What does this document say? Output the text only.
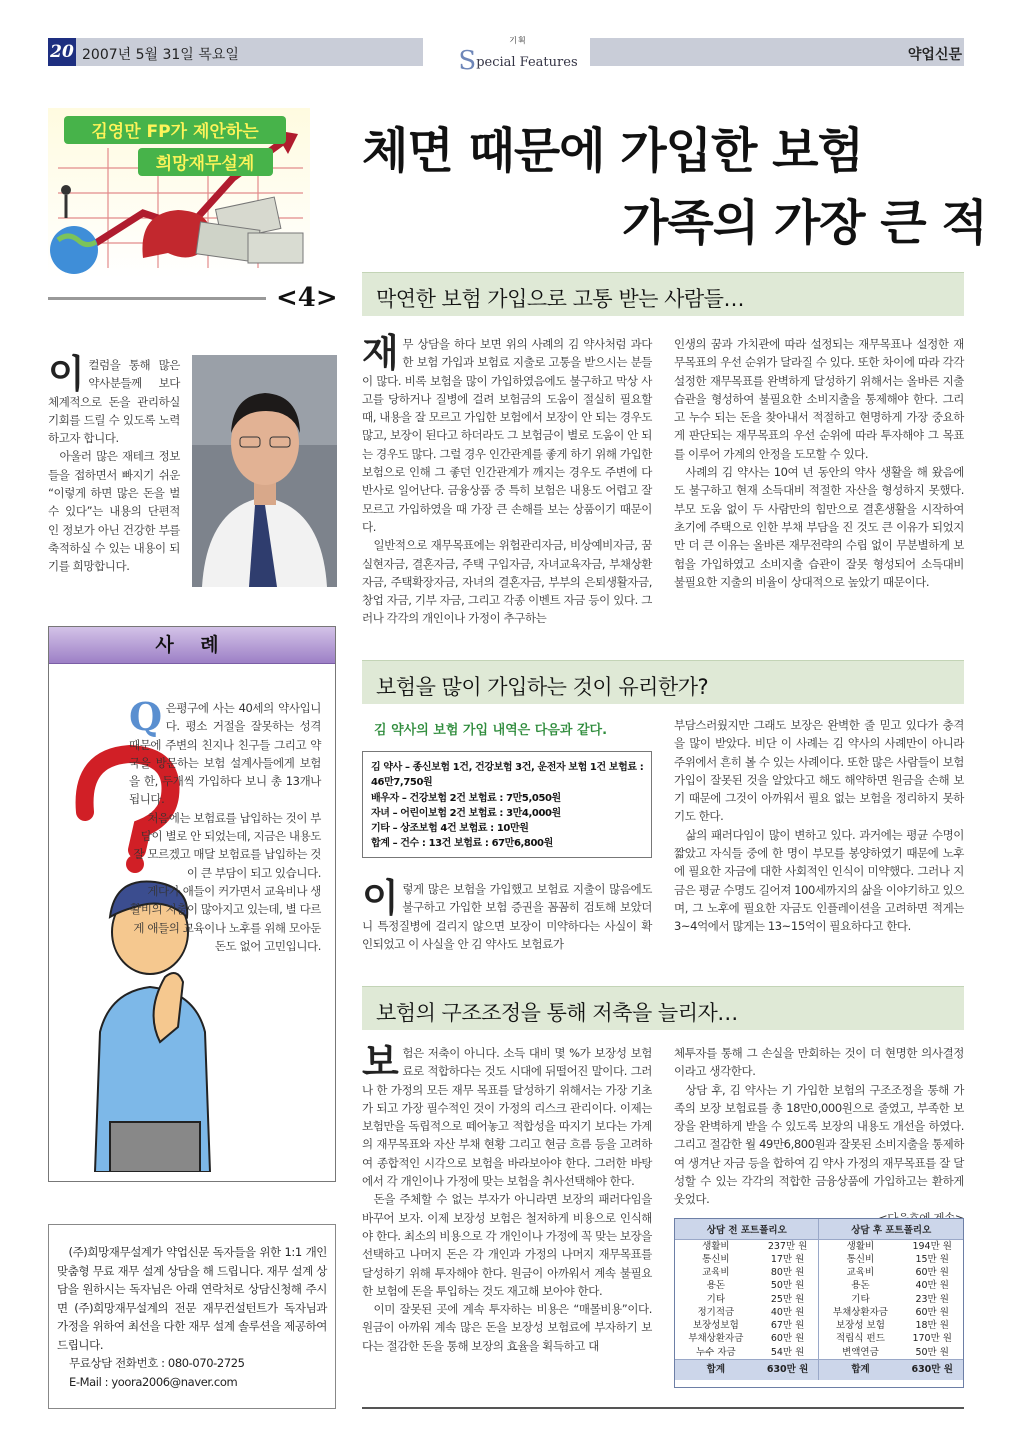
20 2007년 5월 31일 목요일
기획
Special Features	약업신문
김영만 FP가 제안하는
희망재무설계 체면 때문에 가입한 보험
가족의 가장 큰 적
<4>

이컬럼을 통해 많은 약사분들께 보다 체계적으로 돈을 관리하실 기회를 드릴 수 있도록 노력하고자 합니다.

아울러 많은 재테크 정보들을 접하면서 빠지기 쉬운 “이렇게 하면 많은 돈을 벌 수 있다”는 내용의 단편적인 정보가 아닌 건강한 부를 축적하실 수 있는 내용이 되기를 희망합니다.

막연한 보험 가입으로 고통 받는 사람들…

재무 상담을 하다 보면 위의 사례의 김 약사처럼 과다한 보험 가입과 보험료 지출로 고통을 받으시는 분들이 많다. 비록 보험을 많이 가입하였음에도 불구하고 막상 사고를 당하거나 질병에 걸려 보험금의 도움이 절실히 필요할 때, 내용을 잘 모르고 가입한 보험에서 보장이 안 되는 경우도 많고, 보장이 된다고 하더라도 그 보험금이 별로 도움이 안 되는 경우도 많다. 그럴 경우 인간관계를 좋게 하기 위해 가입한 보험으로 인해 그 좋던 인간관계가 깨지는 경우도 주변에 다반사로 일어난다. 금융상품 중 특히 보험은 내용도 어렵고 잘 모르고 가입하였을 때 가장 큰 손해를 보는 상품이기 때문이다.

일반적으로 재무목표에는 위험관리자금, 비상예비자금, 꿈 실현자금, 결혼자금, 주택 구입자금, 자녀교육자금, 부채상환자금, 주택확장자금, 자녀의 결혼자금, 부부의 은퇴생활자금, 창업 자금, 기부 자금, 그리고 각종 이벤트 자금 등이 있다. 그러나 각각의 개인이나 가정이 추구하는

인생의 꿈과 가치관에 따라 설정되는 재무목표나 설정한 재무목표의 우선 순위가 달라질 수 있다. 또한 차이에 따라 각각 설정한 재무목표를 완벽하게 달성하기 위해서는 올바른 지출습관을 형성하여 불필요한 소비지출을 통제해야 한다. 그리고 누수 되는 돈을 찾아내서 적절하고 현명하게 가장 중요하게 판단되는 재무목표의 우선 순위에 따라 투자해야 그 목표를 이루어 가계의 안정을 도모할 수 있다.

사례의 김 약사는 10여 년 동안의 약사 생활을 해 왔음에도 불구하고 현재 소득대비 적절한 자산을 형성하지 못했다. 부모 도움 없이 두 사람만의 힘만으로 결혼생활을 시작하여 초기에 주택으로 인한 부채 부담을 진 것도 큰 이유가 되었지만 더 큰 이유는 올바른 재무전략의 수립 없이 무분별하게 보험을 가입하였고 소비지출 습관이 잘못 형성되어 소득대비 불필요한 지출의 비율이 상대적으로 높았기 때문이다.

사 례

Q은평구에 사는 40세의 약사입니다. 평소 거절을 잘못하는 성격 때문에 주변의 친지나 친구들 그리고 약국을 방문하는 보험 설계사들에게 보험을 한, 두개씩 가입하다 보니 총 13개나 됩니다.

처음에는 보험료를 납입하는 것이 부담이 별로 안 되었는데, 지금은 내용도 잘 모르겠고 매달 보험료를 납입하는 것이 큰 부담이 되고 있습니다.

게다가 애들이 커가면서 교육비나 생활비의 지출이 많아지고 있는데, 별 다르게 애들의 교육이나 노후를 위해 모아둔 돈도 없어 고민입니다.

(주)희망재무설계가 약업신문 독자들을 위한 1:1 개인 맞춤형 무료 재무 설계 상담을 해 드립니다. 재무 설계 상담을 원하시는 독자님은 아래 연락처로 상담신청해 주시면 (주)희망재무설계의 전문 재무컨설턴트가 독자님과 가정을 위하여 최선을 다한 재무 설계 솔루션을 제공하여 드립니다.
무료상담 전화번호 : 080-070-2725
E-Mail : yoora2006@naver.com
보험을 많이 가입하는 것이 유리한가?
김 약사의 보험 가입 내역은 다음과 같다.
김 약사 – 종신보험 1건, 건강보험 3건, 운전자 보험 1건 보험료 : 46만7,750원
배우자 – 건강보험 2건 보험료 : 7만5,050원
자녀 – 어린이보험 2건 보험료 : 3만4,000원
기타 – 상조보험 4건 보험료 : 10만원
합계 – 건수 : 13건 보험료 : 67만6,800원

이렇게 많은 보험을 가입했고 보험료 지출이 많음에도 불구하고 가입한 보험 증권을 꼼꼼히 검토해 보았더니 특정질병에 걸리지 않으면 보장이 미약하다는 사실이 확인되었고 이 사실을 안 김 약사도 보험료가

부담스러웠지만 그래도 보장은 완벽한 줄 믿고 있다가 충격을 많이 받았다. 비단 이 사례는 김 약사의 사례만이 아니라 주위에서 흔히 볼 수 있는 사례이다. 또한 많은 사람들이 보험가입이 잘못된 것을 알았다고 해도 해약하면 원금을 손해 보기 때문에 그것이 아까워서 필요 없는 보험을 정리하지 못하기도 한다.

삶의 패러다임이 많이 변하고 있다. 과거에는 평균 수명이 짧았고 자식들 중에 한 명이 부모를 봉양하였기 때문에 노후에 필요한 자금에 대한 사회적인 인식이 미약했다. 그러나 지금은 평균 수명도 길어져 100세까지의 삶을 이야기하고 있으며, 그 노후에 필요한 자금도 인플레이션을 고려하면 적게는 3~4억에서 많게는 13~15억이 필요하다고 한다.

보험의 구조조정을 통해 저축을 늘리자…

보험은 저축이 아니다. 소득 대비 몇 %가 보장성 보험료로 적합하다는 것도 시대에 뒤떨어진 말이다. 그러나 한 가정의 모든 재무 목표를 달성하기 위해서는 가장 기초가 되고 가장 필수적인 것이 가정의 리스크 관리이다. 이제는 보험만을 독립적으로 떼어놓고 적합성을 따지기 보다는 가계의 재무목표와 자산 부채 현황 그리고 현금 흐름 등을 고려하여 종합적인 시각으로 보험을 바라보아야 한다. 그러한 바탕에서 각 개인이나 가정에 맞는 보험을 취사선택해야 한다.

돈을 주체할 수 없는 부자가 아니라면 보장의 패러다임을 바꾸어 보자. 이제 보장성 보험은 철저하게 비용으로 인식해야 한다. 최소의 비용으로 각 개인이나 가정에 꼭 맞는 보장을 선택하고 나머지 돈은 각 개인과 가정의 나머지 재무목표를 달성하기 위해 투자해야 한다. 원금이 아까워서 계속 불필요한 보험에 돈을 투입하는 것도 재고해 보아야 한다.

이미 잘못된 곳에 계속 투자하는 비용은 “매몰비용”이다. 원금이 아까워 계속 많은 돈을 보장성 보험료에 부자하기 보다는 절감한 돈을 통해 보장의 효율을 획득하고 대

체투자를 통해 그 손실을 만회하는 것이 더 현명한 의사결정이라고 생각한다.

상담 후, 김 약사는 기 가입한 보험의 구조조정을 통해 가족의 보장 보험료를 총 18만0,000원으로 줄였고, 부족한 보장을 완벽하게 받을 수 있도록 보장의 내용도 개선을 하였다. 그리고 절감한 월 49만6,800원과 잘못된 소비지출을 통제하여 생겨난 자금 등을 합하여 김 약사 가정의 재무목표를 잘 달성할 수 있는 각각의 적합한 금융상품에 가입하고는 환하게 웃었다.

상담 전 포트폴리오		상담 후 포트폴리오	
생활비	237만 원	생활비	194만 원
통신비	17만 원	통신비	15만 원
교육비	80만 원	교육비	60만 원
용돈	50만 원	용돈	40만 원
기타	25만 원	기타	23만 원
정기적금	40만 원	부채상환자금	60만 원
보장성보험	67만 원	보장성 보험	18만 원
부채상환자금	60만 원	적립식 펀드	170만 원
누수 자금	54만 원	변액연금	50만 원
합계	630만 원	합계	630만 원
